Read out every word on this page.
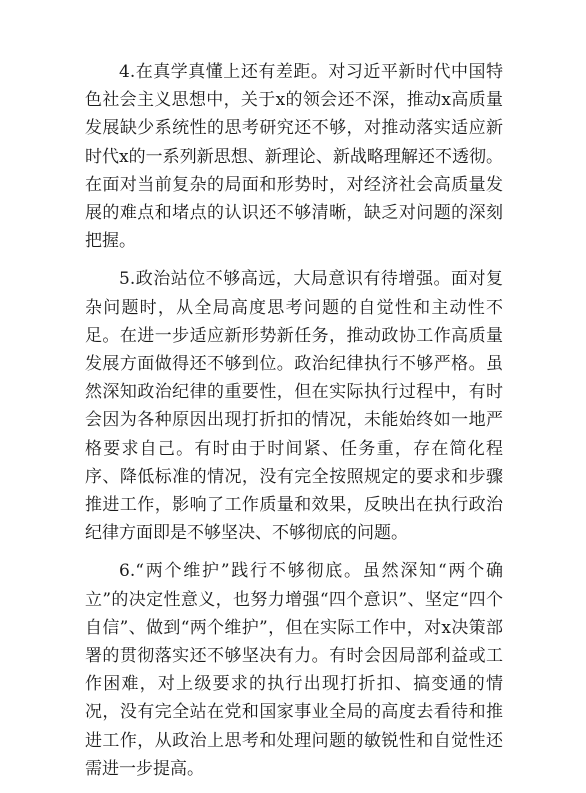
4.在真学真懂上还有差距。对习近平新时代中国特色社会主义思想中，关于x的领会还不深，推动x高质量发展缺少系统性的思考研究还不够，对推动落实适应新时代x的一系列新思想、新理论、新战略理解还不透彻。在面对当前复杂的局面和形势时，对经济社会高质量发展的难点和堵点的认识还不够清晰，缺乏对问题的深刻把握。

5.政治站位不够高远，大局意识有待增强。面对复杂问题时，从全局高度思考问题的自觉性和主动性不足。在进一步适应新形势新任务，推动政协工作高质量发展方面做得还不够到位。政治纪律执行不够严格。虽然深知政治纪律的重要性，但在实际执行过程中，有时会因为各种原因出现打折扣的情况，未能始终如一地严格要求自己。有时由于时间紧、任务重，存在简化程序、降低标准的情况，没有完全按照规定的要求和步骤推进工作，影响了工作质量和效果，反映出在执行政治纪律方面即是不够坚决、不够彻底的问题。

6.“两个维护”践行不够彻底。虽然深知“两个确立”的决定性意义，也努力增强“四个意识”、坚定“四个自信”、做到“两个维护”，但在实际工作中，对x决策部署的贯彻落实还不够坚决有力。有时会因局部利益或工作困难，对上级要求的执行出现打折扣、搞变通的情况，没有完全站在党和国家事业全局的高度去看待和推进工作，从政治上思考和处理问题的敏锐性和自觉性还需进一步提高。
